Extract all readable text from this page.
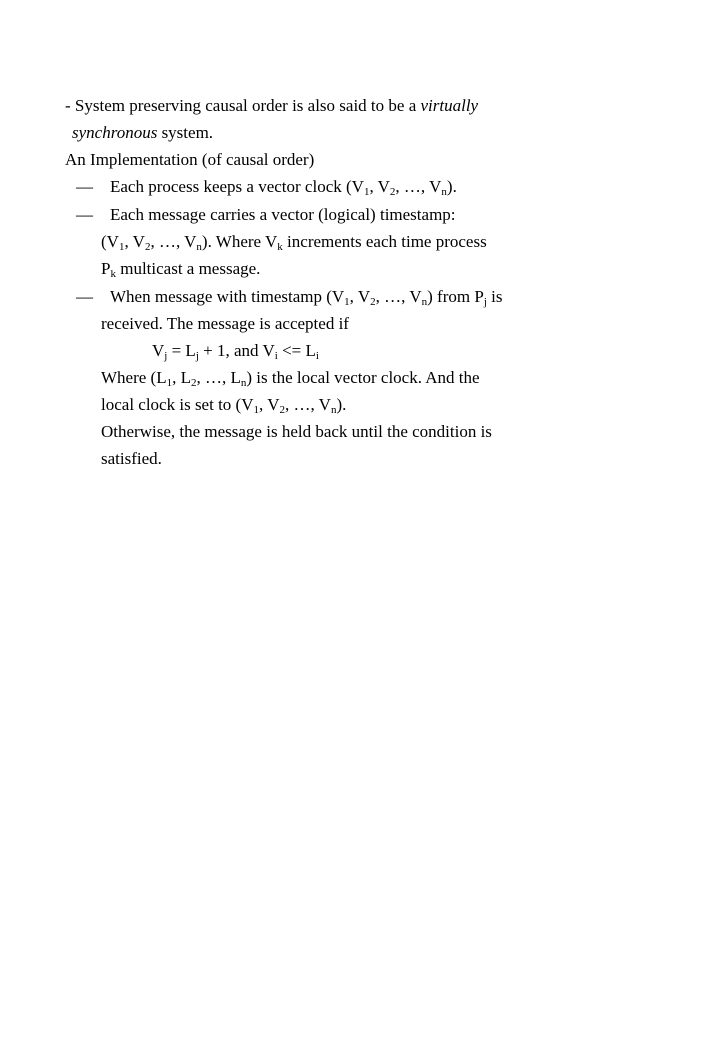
- System preserving causal order is also said to be a virtually
synchronous system.
An Implementation (of causal order)
— Each process keeps a vector clock ($V_1$, $V_2$, …, $V_n$).
— Each message carries a vector (logical) timestamp:
($V_1$, $V_2$, …, $V_n$). Where $V_k$ increments each time process
$P_k$ multicast a message.
— When message with timestamp ($V_1$, $V_2$, …, $V_n$) from $P_j$ is
received. The message is accepted if
$V_j = L_j + 1$, and $V_i <= L_i$
Where ($L_1$, $L_2$, …, $L_n$) is the local vector clock. And the
local clock is set to ($V_1$, $V_2$, …, $V_n$).
Otherwise, the message is held back until the condition is
satisfied.
